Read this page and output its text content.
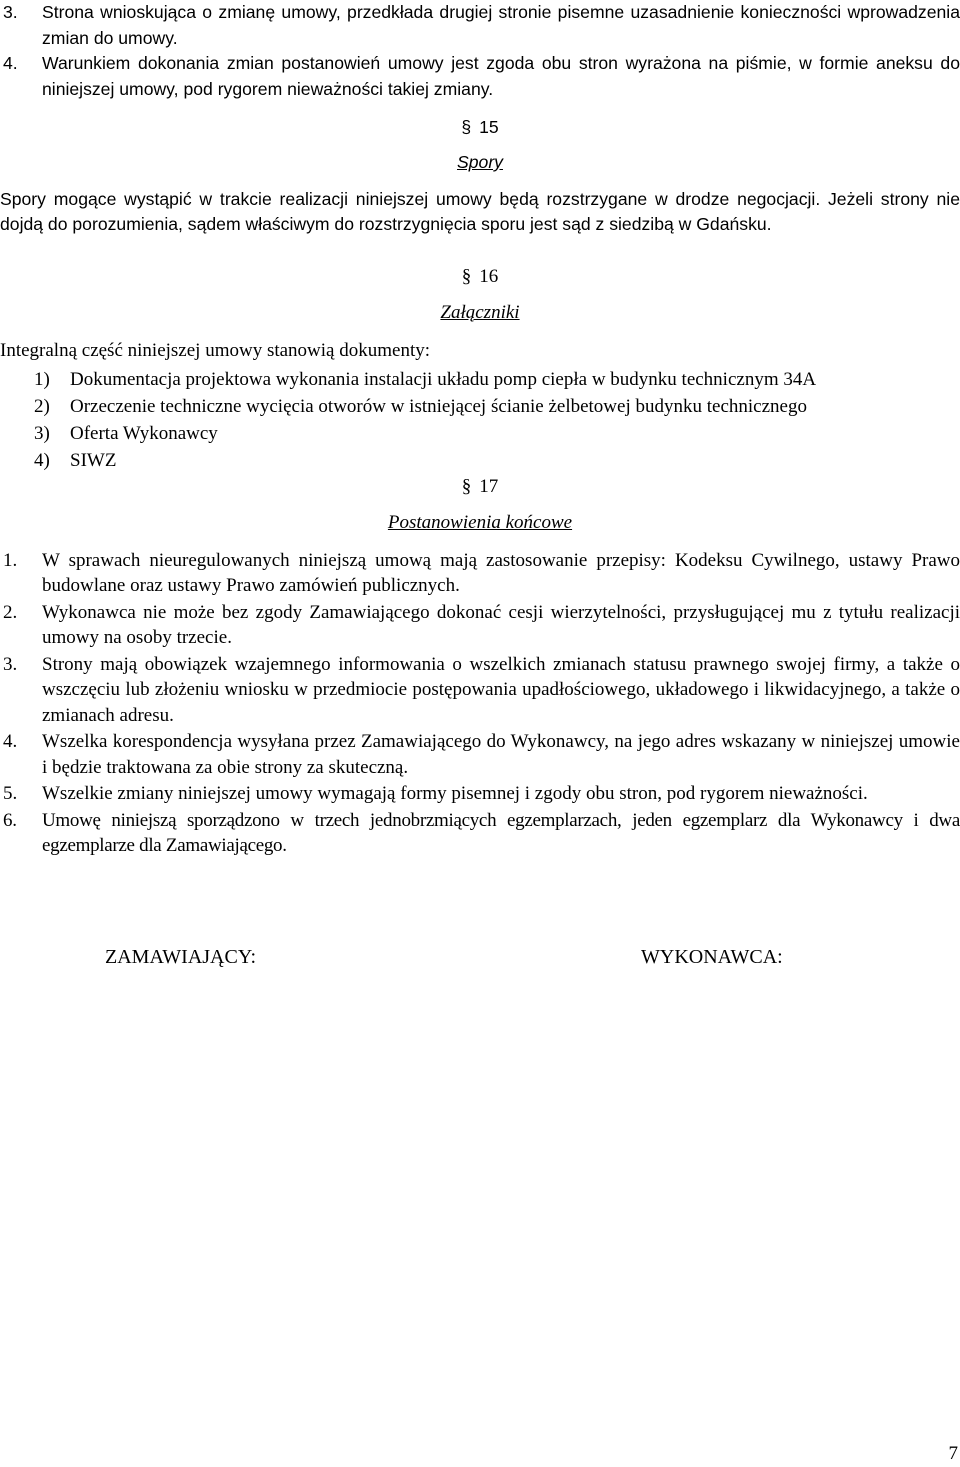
3. Strona wnioskująca o zmianę umowy, przedkłada drugiej stronie pisemne uzasadnienie konieczności wprowadzenia zmian do umowy.
4. Warunkiem dokonania zmian postanowień umowy jest zgoda obu stron wyrażona na piśmie, w formie aneksu do niniejszej umowy, pod rygorem nieważności takiej zmiany.

§ 15

Spory

Spory mogące wystąpić w trakcie realizacji niniejszej umowy będą rozstrzygane w drodze negocjacji. Jeżeli strony nie dojdą do porozumienia, sądem właściwym do rozstrzygnięcia sporu jest sąd z siedzibą w Gdańsku.

§ 16

Załączniki

Integralną część niniejszej umowy stanowią dokumenty:

1) Dokumentacja projektowa wykonania instalacji układu pomp ciepła w budynku technicznym 34A
2) Orzeczenie techniczne wycięcia otworów w istniejącej ścianie żelbetowej budynku technicznego
3) Oferta Wykonawcy
4) SIWZ

§ 17

Postanowienia końcowe

1. W sprawach nieuregulowanych niniejszą umową mają zastosowanie przepisy: Kodeksu Cywilnego, ustawy Prawo budowlane oraz ustawy Prawo zamówień publicznych.
2. Wykonawca nie może bez zgody Zamawiającego dokonać cesji wierzytelności, przysługującej mu z tytułu realizacji umowy na osoby trzecie.
3. Strony mają obowiązek wzajemnego informowania o wszelkich zmianach statusu prawnego swojej firmy, a także o wszczęciu lub złożeniu wniosku w przedmiocie postępowania upadłościowego, układowego i likwidacyjnego, a także o zmianach adresu.
4. Wszelka korespondencja wysyłana przez Zamawiającego do Wykonawcy, na jego adres wskazany w niniejszej umowie i będzie traktowana za obie strony za skuteczną.
5. Wszelkie zmiany niniejszej umowy wymagają formy pisemnej i zgody obu stron, pod rygorem nieważności.
6. Umowę niniejszą sporządzono w trzech jednobrzmiących egzemplarzach, jeden egzemplarz dla Wykonawcy i dwa egzemplarze dla Zamawiającego.
ZAMAWIAJĄCY:	WYKONAWCA:
7
